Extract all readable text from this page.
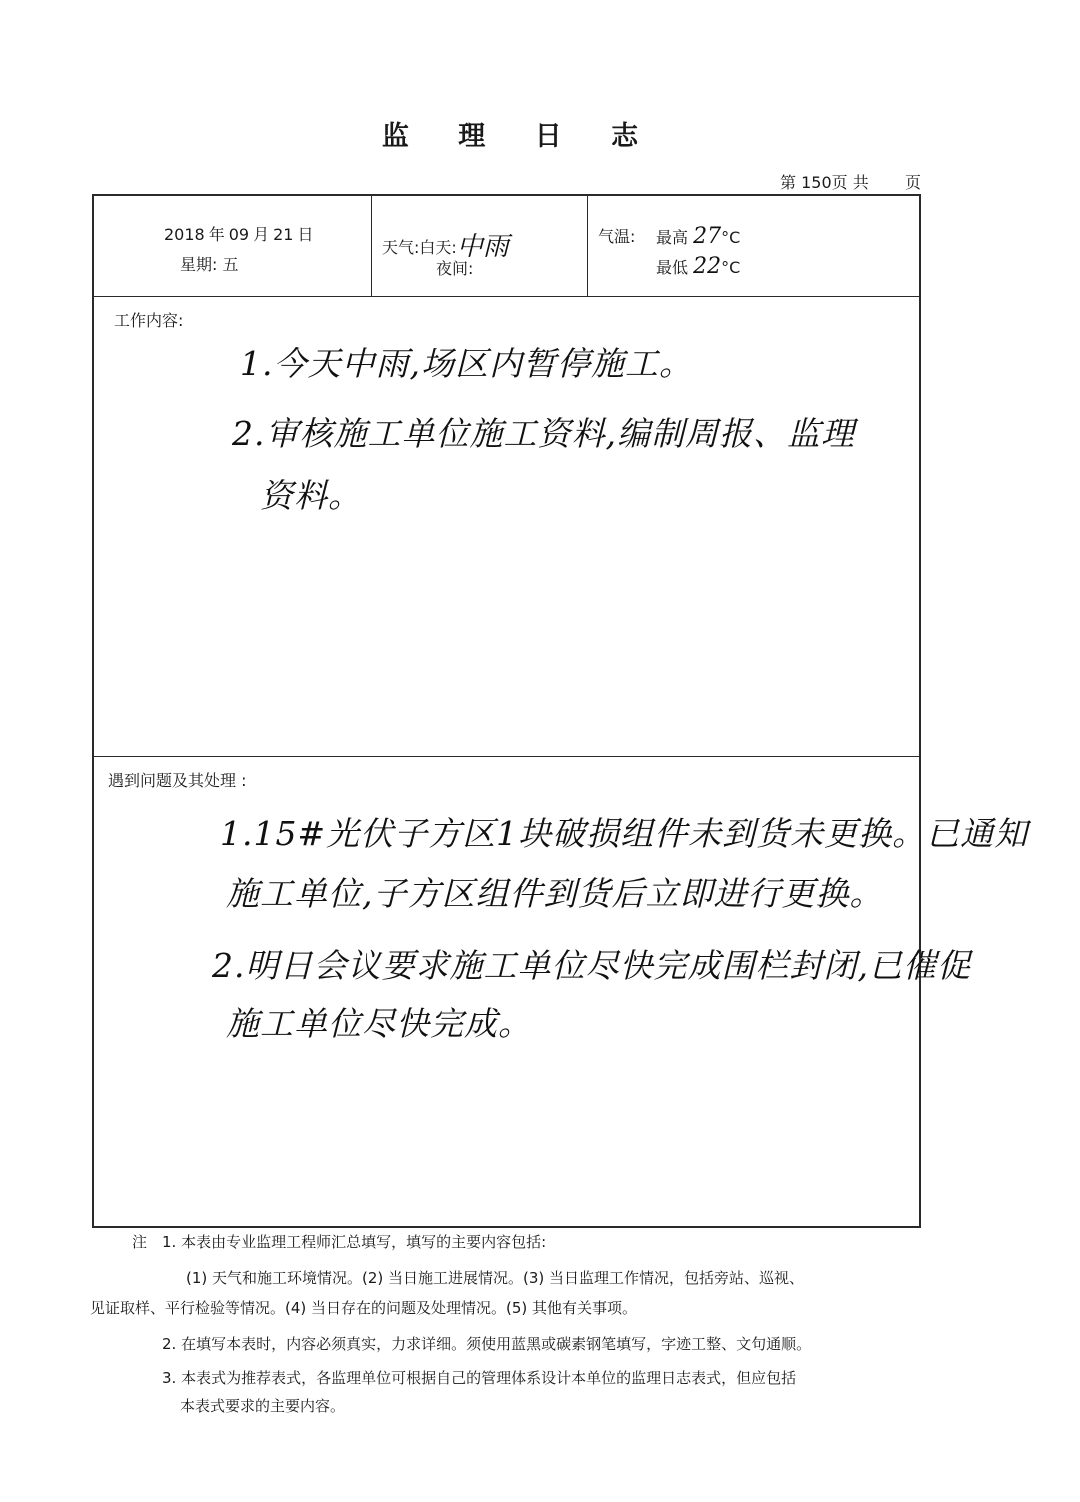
监 理 日 志
第 150页 共 页
2018 年 09 月 21 日
星期: 五
天气:白天:中雨
夜间:
气温: 最高 27°C
最低 22°C
工作内容:
1.今天中雨,场区内暂停施工。
2.审核施工单位施工资料,编制周报、监理
资料。
遇到问题及其处理 :
1.15#光伏子方区1块破损组件未到货未更换。已通知
施工单位,子方区组件到货后立即进行更换。
2.明日会议要求施工单位尽快完成围栏封闭,已催促
施工单位尽快完成。
注 1. 本表由专业监理工程师汇总填写，填写的主要内容包括:
(1) 天气和施工环境情况。(2) 当日施工进展情况。(3) 当日监理工作情况，包括旁站、巡视、
见证取样、平行检验等情况。(4) 当日存在的问题及处理情况。(5) 其他有关事项。
2. 在填写本表时，内容必须真实，力求详细。须使用蓝黑或碳素钢笔填写，字迹工整、文句通顺。
3. 本表式为推荐表式，各监理单位可根据自己的管理体系设计本单位的监理日志表式，但应包括
本表式要求的主要内容。
